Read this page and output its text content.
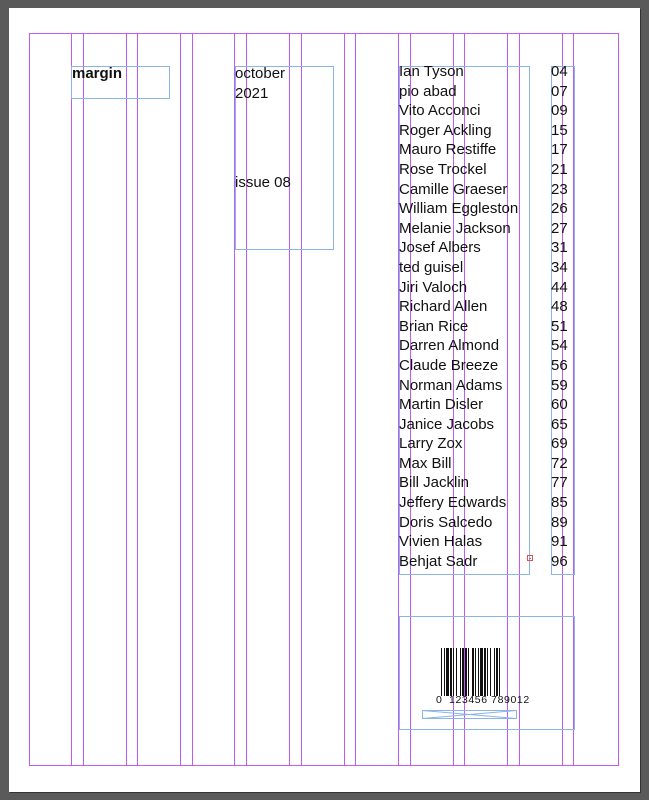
margin	october
2021
issue 08
Ian Tyson
pio abad
Vito Acconci
Roger Ackling
Mauro Restiffe
Rose Trockel
Camille Graeser
William Eggleston
Melanie Jackson
Josef Albers
ted guisel
Jiri Valoch
Richard Allen
Brian Rice
Darren Almond
Claude Breeze
Norman Adams
Martin Disler
Janice Jacobs
Larry Zox
Max Bill
Bill Jacklin
Jeffery Edwards
Doris Salcedo
Vivien Halas
Behjat Sadr
04
07
09
15
17
21
23
26
27
31
34
44
48
51
54
56
59
60
65
69
72
77
85
89
91
96
0 123456 789012
